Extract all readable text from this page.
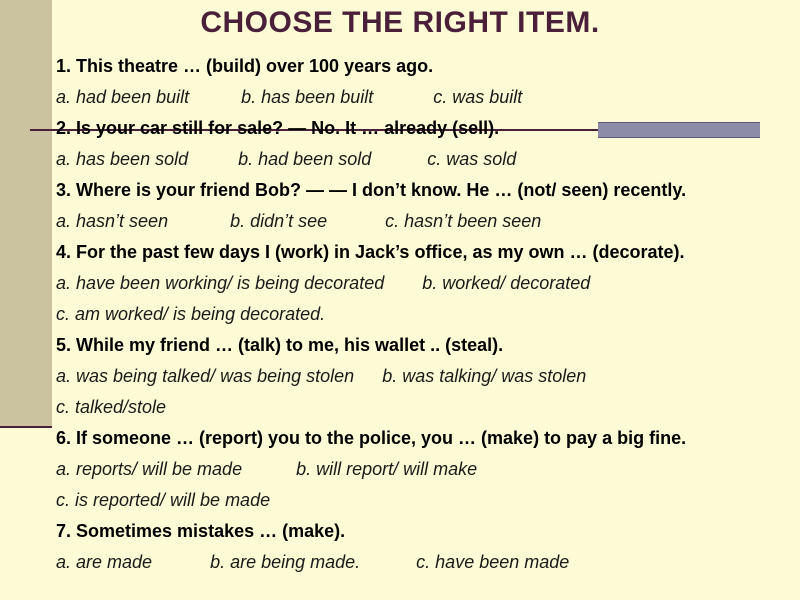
CHOOSE THE RIGHT ITEM.
1. This theatre … (build) over 100 years ago.
a. had been built	b. has been built	c. was built
2. Is your car still for sale? — No. It … already (sell).
a. has been sold	b. had been sold	c. was sold
3. Where is your friend Bob? — — I don’t know. He … (not/ seen) recently.
a. hasn’t seen	b. didn’t see	c. hasn’t been seen
4. For the past few days I (work) in Jack’s office, as my own … (decorate).
a. have been working/ is being decorated b. worked/ decorated
c. am worked/ is being decorated.
5. While my friend … (talk) to me, his wallet .. (steal).
a. was being talked/ was being stolen b. was talking/ was stolen
c. talked/stole
6. If someone … (report) you to the police, you … (make) to pay a big fine.
a. reports/ will be made	b. will report/ will make
c. is reported/ will be made
7. Sometimes mistakes … (make).
a. are made	b. are being made.	c. have been made
